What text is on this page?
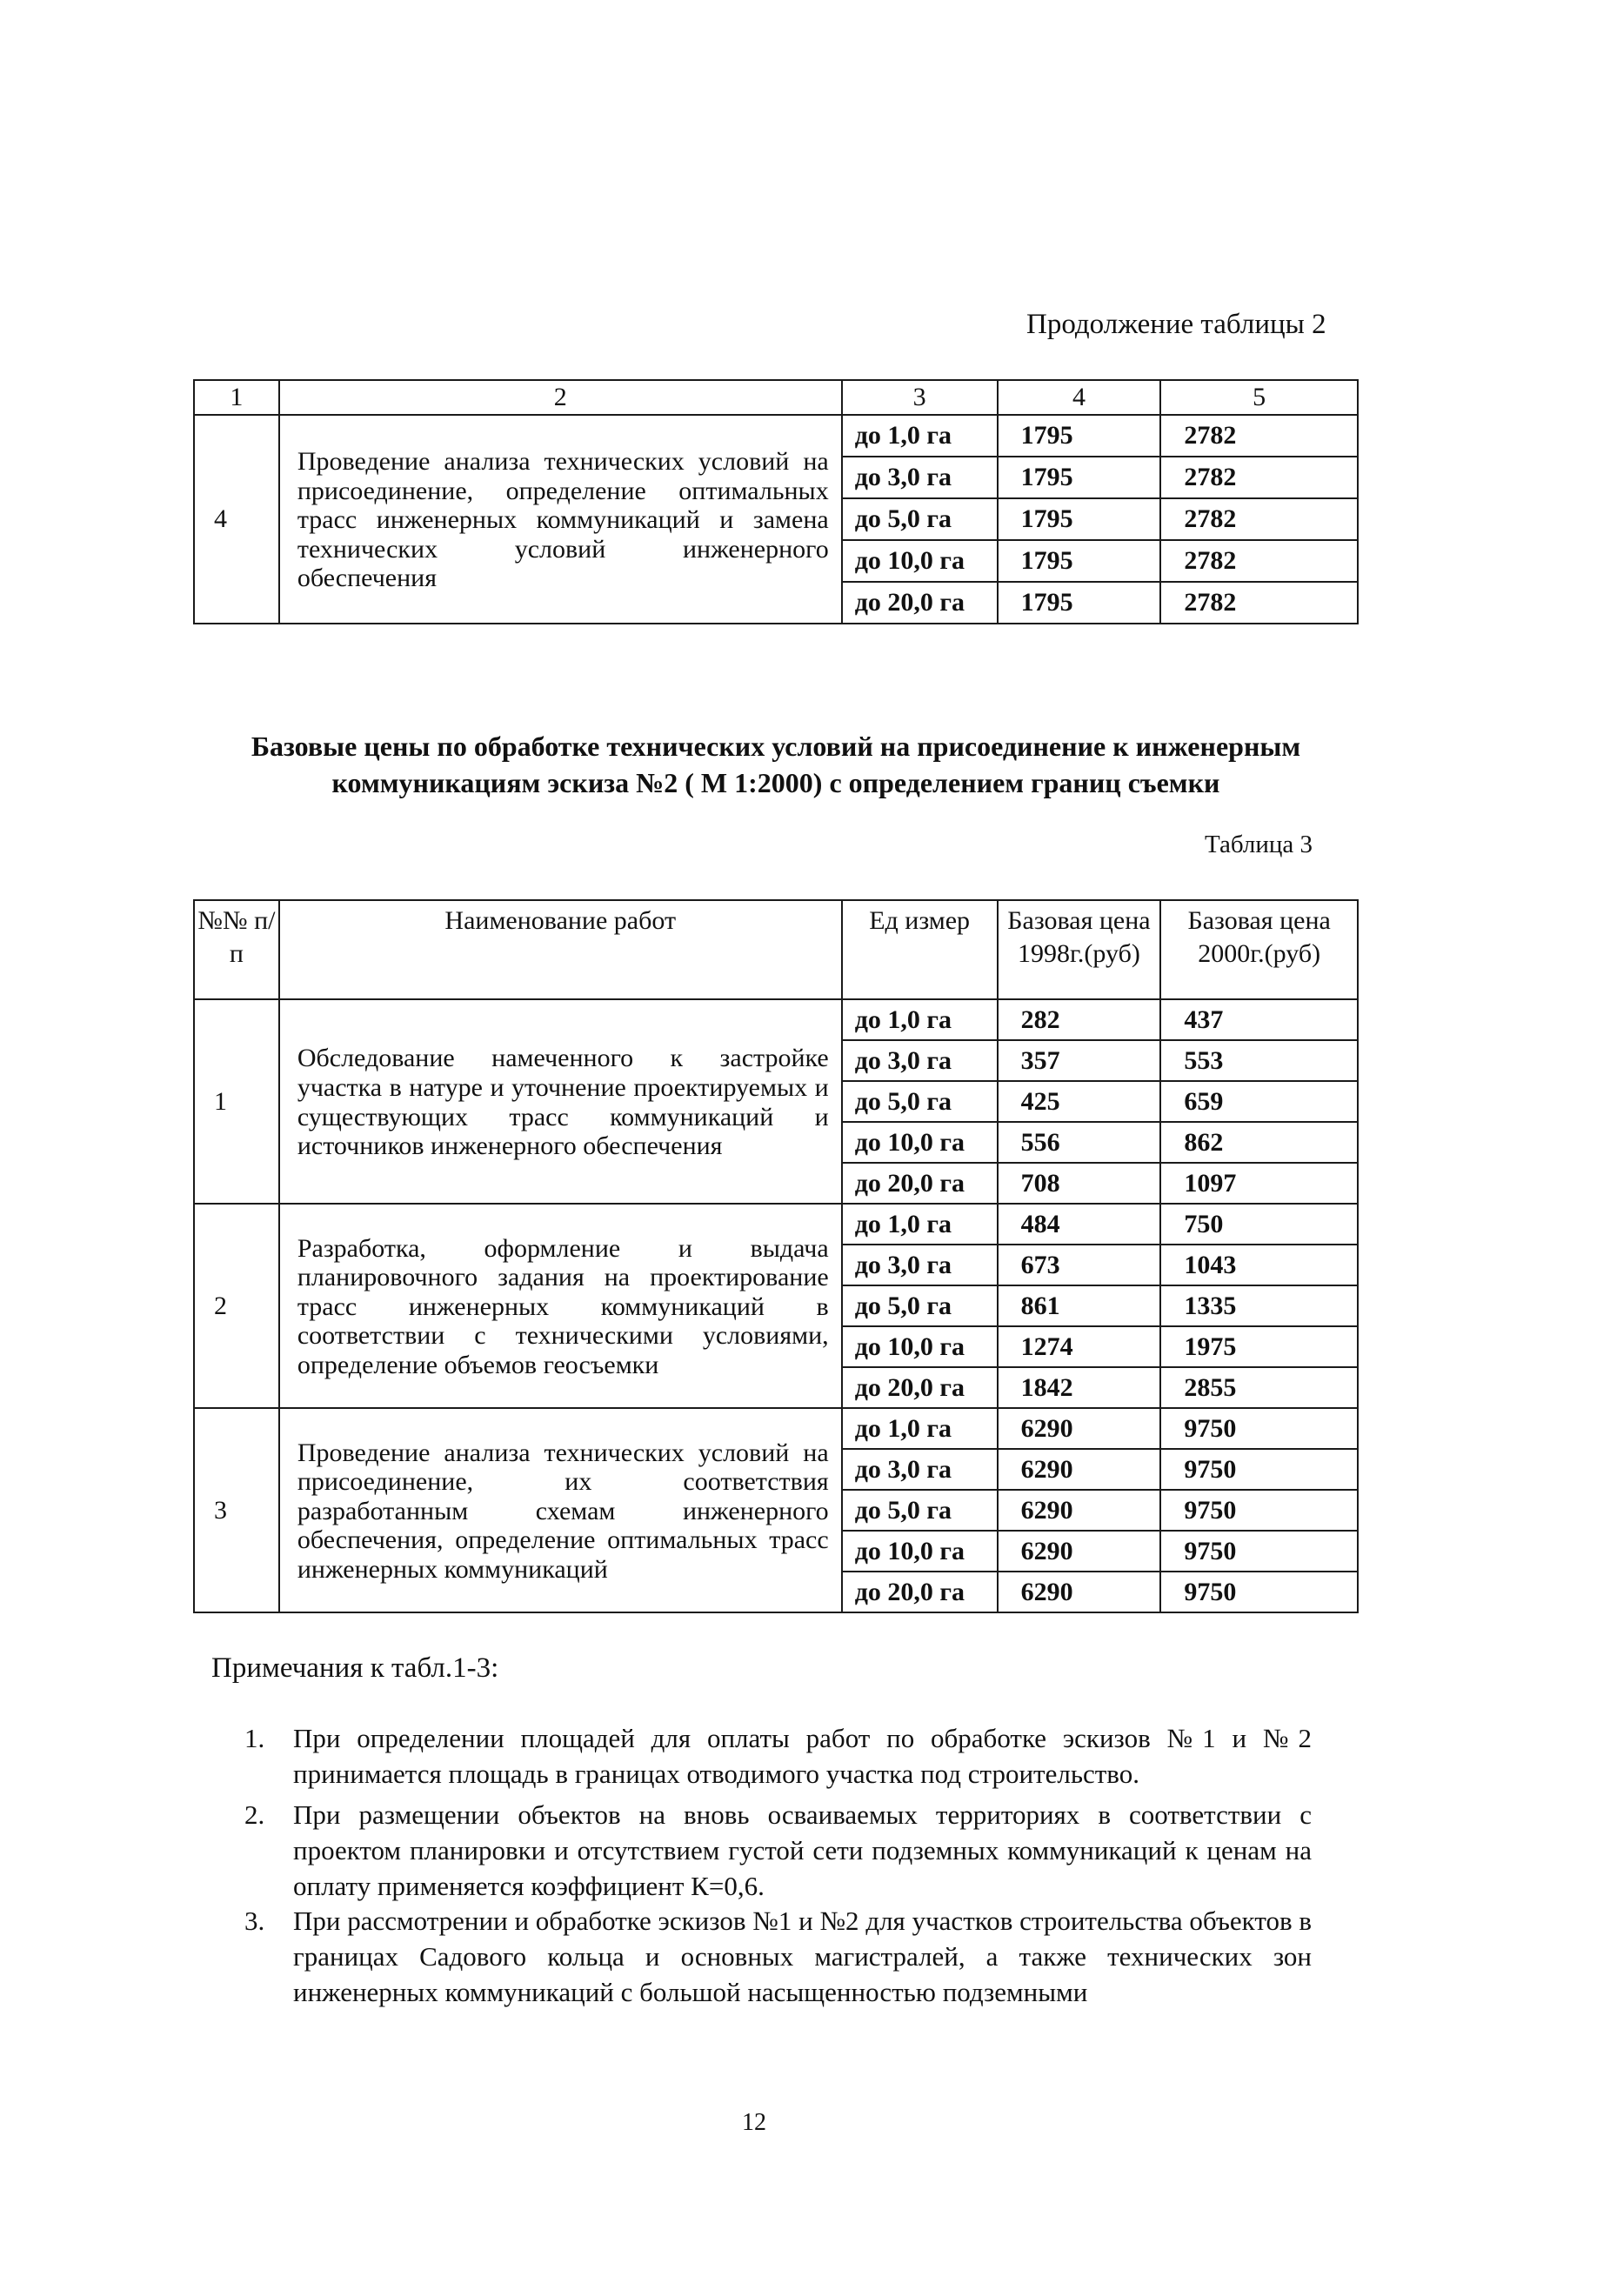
Продолжение таблицы 2
1	2	3	4	5
4	Проведение анализа технических условий на присоединение, определение оптимальных трасс инженерных коммуникаций и замена технических условий инженерного обеспечения	до 1,0 га	1795	2782
		до 3,0 га	1795	2782
		до 5,0 га	1795	2782
		до 10,0 га	1795	2782
		до 20,0 га	1795	2782
Базовые цены по обработке технических условий на присоединение к инженерным коммуникациям эскиза №2 ( М 1:2000) с определением границ съемки
Таблица 3
№№ п/п	Наименование работ	Ед измер	Базовая цена 1998г.(руб)	Базовая цена 2000г.(руб)
1	Обследование намеченного к застройке участка в натуре и уточнение проектируемых и существующих трасс коммуникаций и источников инженерного обеспечения	до 1,0 га	282	437
		до 3,0 га	357	553
		до 5,0 га	425	659
		до 10,0 га	556	862
		до 20,0 га	708	1097
2	Разработка, оформление и выдача планировочного задания на проектирование трасс инженерных коммуникаций в соответствии с техническими условиями, определение объемов геосъемки	до 1,0 га	484	750
		до 3,0 га	673	1043
		до 5,0 га	861	1335
		до 10,0 га	1274	1975
		до 20,0 га	1842	2855
3	Проведение анализа технических условий на присоединение, их соответствия разработанным схемам инженерного обеспечения, определение оптимальных трасс инженерных коммуникаций	до 1,0 га	6290	9750
		до 3,0 га	6290	9750
		до 5,0 га	6290	9750
		до 10,0 га	6290	9750
		до 20,0 га	6290	9750
Примечания к табл.1-3:
1. При определении площадей для оплаты работ по обработке эскизов №1 и №2 принимается площадь в границах отводимого участка под строительство.
2. При размещении объектов на вновь осваиваемых территориях в соответствии с проектом планировки и отсутствием густой сети подземных коммуникаций к ценам на оплату применяется коэффициент К=0,6.
3. При рассмотрении и обработке эскизов №1 и №2 для участков строительства объектов в границах Садового кольца и основных магистралей, а также технических зон инженерных коммуникаций с большой насыщенностью подземными
12
